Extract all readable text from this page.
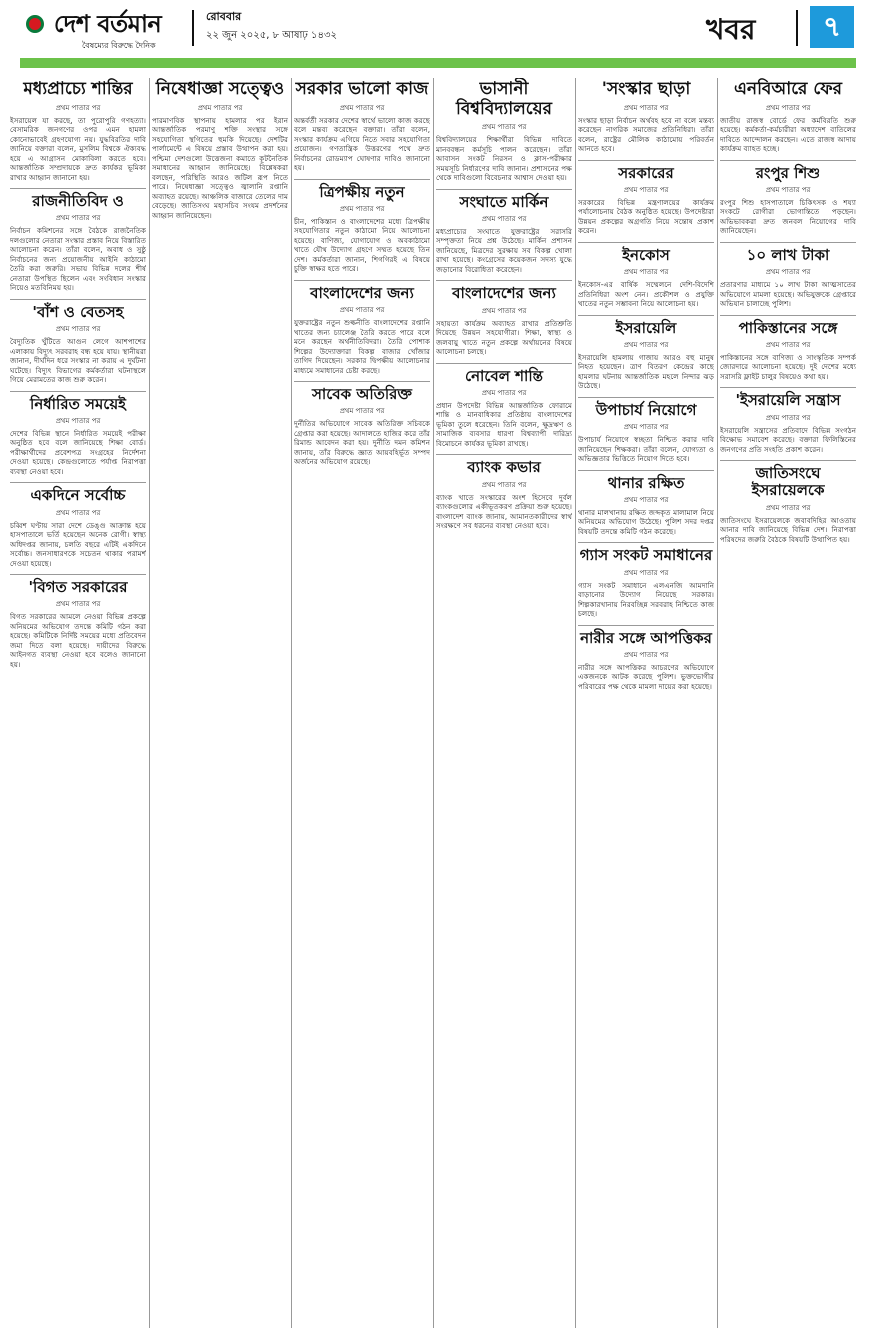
দেশ বর্তমান
বৈষম্যের বিরুদ্ধে দৈনিক
রোববার
২২ জুন ২০২৫, ৮ আষাঢ় ১৪৩২	খবর	৭
মধ্যপ্রাচ্যে শান্তির
প্রথম পাতার পর

ইসরায়েল যা করছে, তা পুরোপুরি গণহত্যা। বেসামরিক জনগণের ওপর এমন হামলা কোনোভাবেই গ্রহণযোগ্য নয়। যুদ্ধবিরতির দাবি জানিয়ে বক্তারা বলেন, মুসলিম বিশ্বকে ঐক্যবদ্ধ হয়ে এ আগ্রাসন মোকাবিলা করতে হবে। আন্তর্জাতিক সম্প্রদায়কে দ্রুত কার্যকর ভূমিকা রাখার আহ্বান জানানো হয়।

রাজনীতিবিদ ও
প্রথম পাতার পর

নির্বাচন কমিশনের সঙ্গে বৈঠকে রাজনৈতিক দলগুলোর নেতারা সংস্কার প্রস্তাব নিয়ে বিস্তারিত আলোচনা করেন। তাঁরা বলেন, অবাধ ও সুষ্ঠু নির্বাচনের জন্য প্রয়োজনীয় আইনি কাঠামো তৈরি করা জরুরি। সভায় বিভিন্ন দলের শীর্ষ নেতারা উপস্থিত ছিলেন এবং সংবিধান সংস্কার নিয়েও মতবিনিময় হয়।

'বাঁশ ও বেতসহ
প্রথম পাতার পর

বৈদ্যুতিক খুঁটিতে আগুন লেগে আশপাশের এলাকায় বিদ্যুৎ সরবরাহ বন্ধ হয়ে যায়। স্থানীয়রা জানান, দীর্ঘদিন ধরে সংস্কার না করায় এ দুর্ঘটনা ঘটেছে। বিদ্যুৎ বিভাগের কর্মকর্তারা ঘটনাস্থলে গিয়ে মেরামতের কাজ শুরু করেন।

নির্ধারিত সময়েই
প্রথম পাতার পর

দেশের বিভিন্ন স্থানে নির্ধারিত সময়েই পরীক্ষা অনুষ্ঠিত হবে বলে জানিয়েছে শিক্ষা বোর্ড। পরীক্ষার্থীদের প্রবেশপত্র সংগ্রহের নির্দেশনা দেওয়া হয়েছে। কেন্দ্রগুলোতে পর্যাপ্ত নিরাপত্তা ব্যবস্থা নেওয়া হবে।

একদিনে সর্বোচ্চ
প্রথম পাতার পর

চব্বিশ ঘণ্টায় সারা দেশে ডেঙ্গু আক্রান্ত হয়ে হাসপাতালে ভর্তি হয়েছেন অনেক রোগী। স্বাস্থ্য অধিদপ্তর জানায়, চলতি বছরে এটিই একদিনে সর্বোচ্চ। জনসাধারণকে সচেতন থাকার পরামর্শ দেওয়া হয়েছে।

'বিগত সরকারের
প্রথম পাতার পর

বিগত সরকারের আমলে নেওয়া বিভিন্ন প্রকল্পে অনিয়মের অভিযোগ তদন্তে কমিটি গঠন করা হয়েছে। কমিটিকে নির্দিষ্ট সময়ের মধ্যে প্রতিবেদন জমা দিতে বলা হয়েছে। দায়ীদের বিরুদ্ধে আইনগত ব্যবস্থা নেওয়া হবে বলেও জানানো হয়।

নিষেধাজ্ঞা সত্ত্বেও
প্রথম পাতার পর

পারমাণবিক স্থাপনায় হামলার পর ইরান আন্তর্জাতিক পরমাণু শক্তি সংস্থার সঙ্গে সহযোগিতা স্থগিতের হুমকি দিয়েছে। দেশটির পার্লামেন্টে এ বিষয়ে প্রস্তাব উত্থাপন করা হয়। পশ্চিমা দেশগুলো উত্তেজনা কমাতে কূটনৈতিক সমাধানের আহ্বান জানিয়েছে। বিশ্লেষকরা বলছেন, পরিস্থিতি আরও জটিল রূপ নিতে পারে। নিষেধাজ্ঞা সত্ত্বেও জ্বালানি রপ্তানি অব্যাহত রয়েছে। আঞ্চলিক বাজারে তেলের দাম বেড়েছে। জাতিসংঘ মহাসচিব সংযম প্রদর্শনের আহ্বান জানিয়েছেন।

সরকার ভালো কাজ
প্রথম পাতার পর

অন্তর্বর্তী সরকার দেশের স্বার্থে ভালো কাজ করছে বলে মন্তব্য করেছেন বক্তারা। তাঁরা বলেন, সংস্কার কার্যক্রম এগিয়ে নিতে সবার সহযোগিতা প্রয়োজন। গণতান্ত্রিক উত্তরণের পথে দ্রুত নির্বাচনের রোডম্যাপ ঘোষণার দাবিও জানানো হয়।

ত্রিপক্ষীয় নতুন
প্রথম পাতার পর

চীন, পাকিস্তান ও বাংলাদেশের মধ্যে ত্রিপক্ষীয় সহযোগিতার নতুন কাঠামো নিয়ে আলোচনা হয়েছে। বাণিজ্য, যোগাযোগ ও অবকাঠামো খাতে যৌথ উদ্যোগ গ্রহণে সম্মত হয়েছে তিন দেশ। কর্মকর্তারা জানান, শিগগিরই এ বিষয়ে চুক্তি স্বাক্ষর হতে পারে।

বাংলাদেশের জন্য
প্রথম পাতার পর

যুক্তরাষ্ট্রের নতুন শুল্কনীতি বাংলাদেশের রপ্তানি খাতের জন্য চ্যালেঞ্জ তৈরি করতে পারে বলে মনে করছেন অর্থনীতিবিদরা। তৈরি পোশাক শিল্পের উদ্যোক্তারা বিকল্প বাজার খোঁজার তাগিদ দিয়েছেন। সরকার দ্বিপক্ষীয় আলোচনার মাধ্যমে সমাধানের চেষ্টা করছে।

সাবেক অতিরিক্ত
প্রথম পাতার পর

দুর্নীতির অভিযোগে সাবেক অতিরিক্ত সচিবকে গ্রেপ্তার করা হয়েছে। আদালতে হাজির করে তাঁর রিমান্ড আবেদন করা হয়। দুর্নীতি দমন কমিশন জানায়, তাঁর বিরুদ্ধে জ্ঞাত আয়বহির্ভূত সম্পদ অর্জনের অভিযোগ রয়েছে।

ভাসানী বিশ্ববিদ্যালয়ের
প্রথম পাতার পর

বিশ্ববিদ্যালয়ের শিক্ষার্থীরা বিভিন্ন দাবিতে মানববন্ধন কর্মসূচি পালন করেছেন। তাঁরা আবাসন সংকট নিরসন ও ক্লাস-পরীক্ষার সময়সূচি নির্ধারণের দাবি জানান। প্রশাসনের পক্ষ থেকে দাবিগুলো বিবেচনার আশ্বাস দেওয়া হয়।

সংঘাতে মার্কিন
প্রথম পাতার পর

মধ্যপ্রাচ্যের সংঘাতে যুক্তরাষ্ট্রের সরাসরি সম্পৃক্ততা নিয়ে প্রশ্ন উঠেছে। মার্কিন প্রশাসন জানিয়েছে, মিত্রদের সুরক্ষায় সব বিকল্প খোলা রাখা হয়েছে। কংগ্রেসের কয়েকজন সদস্য যুদ্ধে জড়ানোর বিরোধিতা করেছেন।

বাংলাদেশের জন্য
প্রথম পাতার পর

সহায়তা কার্যক্রম অব্যাহত রাখার প্রতিশ্রুতি দিয়েছে উন্নয়ন সহযোগীরা। শিক্ষা, স্বাস্থ্য ও জলবায়ু খাতে নতুন প্রকল্পে অর্থায়নের বিষয়ে আলোচনা চলছে।

নোবেল শান্তি
প্রথম পাতার পর

প্রধান উপদেষ্টা বিভিন্ন আন্তর্জাতিক ফোরামে শান্তি ও মানবাধিকার প্রতিষ্ঠায় বাংলাদেশের ভূমিকা তুলে ধরেছেন। তিনি বলেন, ক্ষুদ্রঋণ ও সামাজিক ব্যবসার ধারণা বিশ্বব্যাপী দারিদ্র্য বিমোচনে কার্যকর ভূমিকা রাখছে।

ব্যাংক কভার
প্রথম পাতার পর

ব্যাংক খাতে সংস্কারের অংশ হিসেবে দুর্বল ব্যাংকগুলোর একীভূতকরণ প্রক্রিয়া শুরু হয়েছে। বাংলাদেশ ব্যাংক জানায়, আমানতকারীদের স্বার্থ সংরক্ষণে সব ধরনের ব্যবস্থা নেওয়া হবে।

'সংস্কার ছাড়া
প্রথম পাতার পর

সংস্কার ছাড়া নির্বাচন অর্থবহ হবে না বলে মন্তব্য করেছেন নাগরিক সমাজের প্রতিনিধিরা। তাঁরা বলেন, রাষ্ট্রের মৌলিক কাঠামোয় পরিবর্তন আনতে হবে।

সরকারের
প্রথম পাতার পর

সরকারের বিভিন্ন মন্ত্রণালয়ের কার্যক্রম পর্যালোচনায় বৈঠক অনুষ্ঠিত হয়েছে। উপদেষ্টারা উন্নয়ন প্রকল্পের অগ্রগতি নিয়ে সন্তোষ প্রকাশ করেন।

ইনকোস
প্রথম পাতার পর

ইনকোস-এর বার্ষিক সম্মেলনে দেশি-বিদেশি প্রতিনিধিরা অংশ নেন। প্রকৌশল ও প্রযুক্তি খাতের নতুন সম্ভাবনা নিয়ে আলোচনা হয়।

ইসরায়েলি
প্রথম পাতার পর

ইসরায়েলি হামলায় গাজায় আরও বহু মানুষ নিহত হয়েছেন। ত্রাণ বিতরণ কেন্দ্রের কাছে হামলার ঘটনায় আন্তর্জাতিক মহলে নিন্দার ঝড় উঠেছে।

উপাচার্য নিয়োগে
প্রথম পাতার পর

উপাচার্য নিয়োগে স্বচ্ছতা নিশ্চিত করার দাবি জানিয়েছেন শিক্ষকরা। তাঁরা বলেন, যোগ্যতা ও অভিজ্ঞতার ভিত্তিতে নিয়োগ দিতে হবে।

থানার রক্ষিত
প্রথম পাতার পর

থানার মালখানায় রক্ষিত জব্দকৃত মালামাল নিয়ে অনিয়মের অভিযোগ উঠেছে। পুলিশ সদর দপ্তর বিষয়টি তদন্তে কমিটি গঠন করেছে।

গ্যাস সংকট সমাধানের
প্রথম পাতার পর

গ্যাস সংকট সমাধানে এলএনজি আমদানি বাড়ানোর উদ্যোগ নিয়েছে সরকার। শিল্পকারখানায় নিরবচ্ছিন্ন সরবরাহ নিশ্চিতে কাজ চলছে।

নারীর সঙ্গে আপত্তিকর
প্রথম পাতার পর

নারীর সঙ্গে আপত্তিকর আচরণের অভিযোগে একজনকে আটক করেছে পুলিশ। ভুক্তভোগীর পরিবারের পক্ষ থেকে মামলা দায়ের করা হয়েছে।

এনবিআরে ফের
প্রথম পাতার পর

জাতীয় রাজস্ব বোর্ডে ফের কর্মবিরতি শুরু হয়েছে। কর্মকর্তা-কর্মচারীরা অধ্যাদেশ বাতিলের দাবিতে আন্দোলন করছেন। এতে রাজস্ব আদায় কার্যক্রম ব্যাহত হচ্ছে।

রংপুর শিশু
প্রথম পাতার পর

রংপুর শিশু হাসপাতালে চিকিৎসক ও শয্যা সংকটে রোগীরা ভোগান্তিতে পড়ছেন। অভিভাবকরা দ্রুত জনবল নিয়োগের দাবি জানিয়েছেন।

১০ লাখ টাকা
প্রথম পাতার পর

প্রতারণার মাধ্যমে ১০ লাখ টাকা আত্মসাতের অভিযোগে মামলা হয়েছে। অভিযুক্তকে গ্রেপ্তারে অভিযান চালাচ্ছে পুলিশ।

পাকিস্তানের সঙ্গে
প্রথম পাতার পর

পাকিস্তানের সঙ্গে বাণিজ্য ও সাংস্কৃতিক সম্পর্ক জোরদারে আলোচনা হয়েছে। দুই দেশের মধ্যে সরাসরি ফ্লাইট চালুর বিষয়েও কথা হয়।

'ইসরায়েলি সন্ত্রাস
প্রথম পাতার পর

ইসরায়েলি সন্ত্রাসের প্রতিবাদে বিভিন্ন সংগঠন বিক্ষোভ সমাবেশ করেছে। বক্তারা ফিলিস্তিনের জনগণের প্রতি সংহতি প্রকাশ করেন।

জাতিসংঘে ইসরায়েলকে
প্রথম পাতার পর

জাতিসংঘে ইসরায়েলকে জবাবদিহির আওতায় আনার দাবি জানিয়েছে বিভিন্ন দেশ। নিরাপত্তা পরিষদের জরুরি বৈঠকে বিষয়টি উত্থাপিত হয়।
